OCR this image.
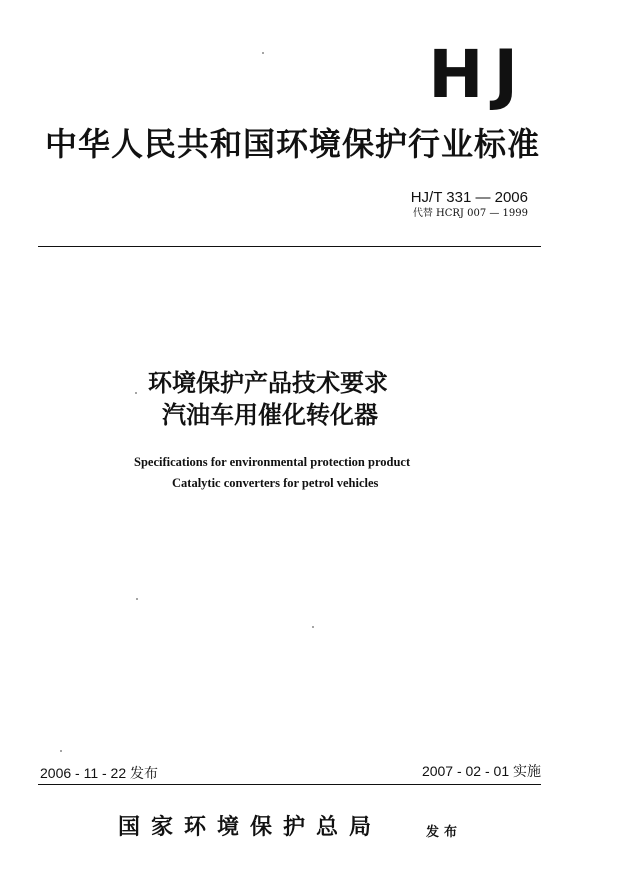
HJ
中华人民共和国环境保护行业标准
HJ/T 331 — 2006
代替 HCRJ 007 — 1999
环境保护产品技术要求
汽油车用催化转化器
Specifications for environmental protection product
Catalytic converters for petrol vehicles
2006 - 11 - 22 发布	2007 - 02 - 01 实施
国家环境保护总局	发布
